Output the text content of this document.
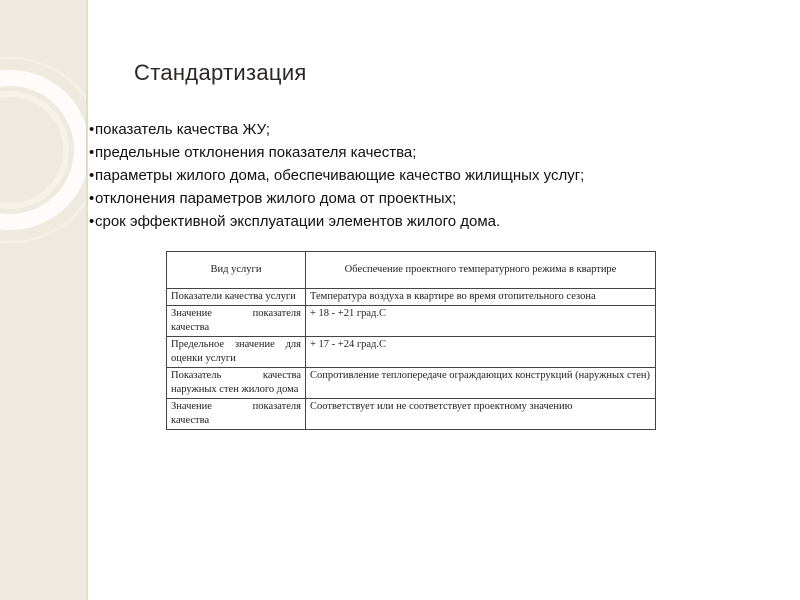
Стандартизация
•показатель качества ЖУ;
•предельные отклонения показателя качества;
•параметры жилого дома, обеспечивающие качество жилищных услуг;
•отклонения параметров жилого дома от проектных;
•срок эффективной эксплуатации элементов жилого дома.
Вид услуги	Обеспечение проектного температурного режима в квартире
Показатели качества услуги	Температура воздуха в квартире во время отопительного сезона
Значение показателя качества	+ 18 - +21 град.С
Предельное значение для оценки услуги	+ 17 - +24 град.С
Показатель качества наружных стен жилого дома	Сопротивление теплопередаче ограждающих конструкций (наружных стен)
Значение показателя качества	Соответствует или не соответствует проектному значению
